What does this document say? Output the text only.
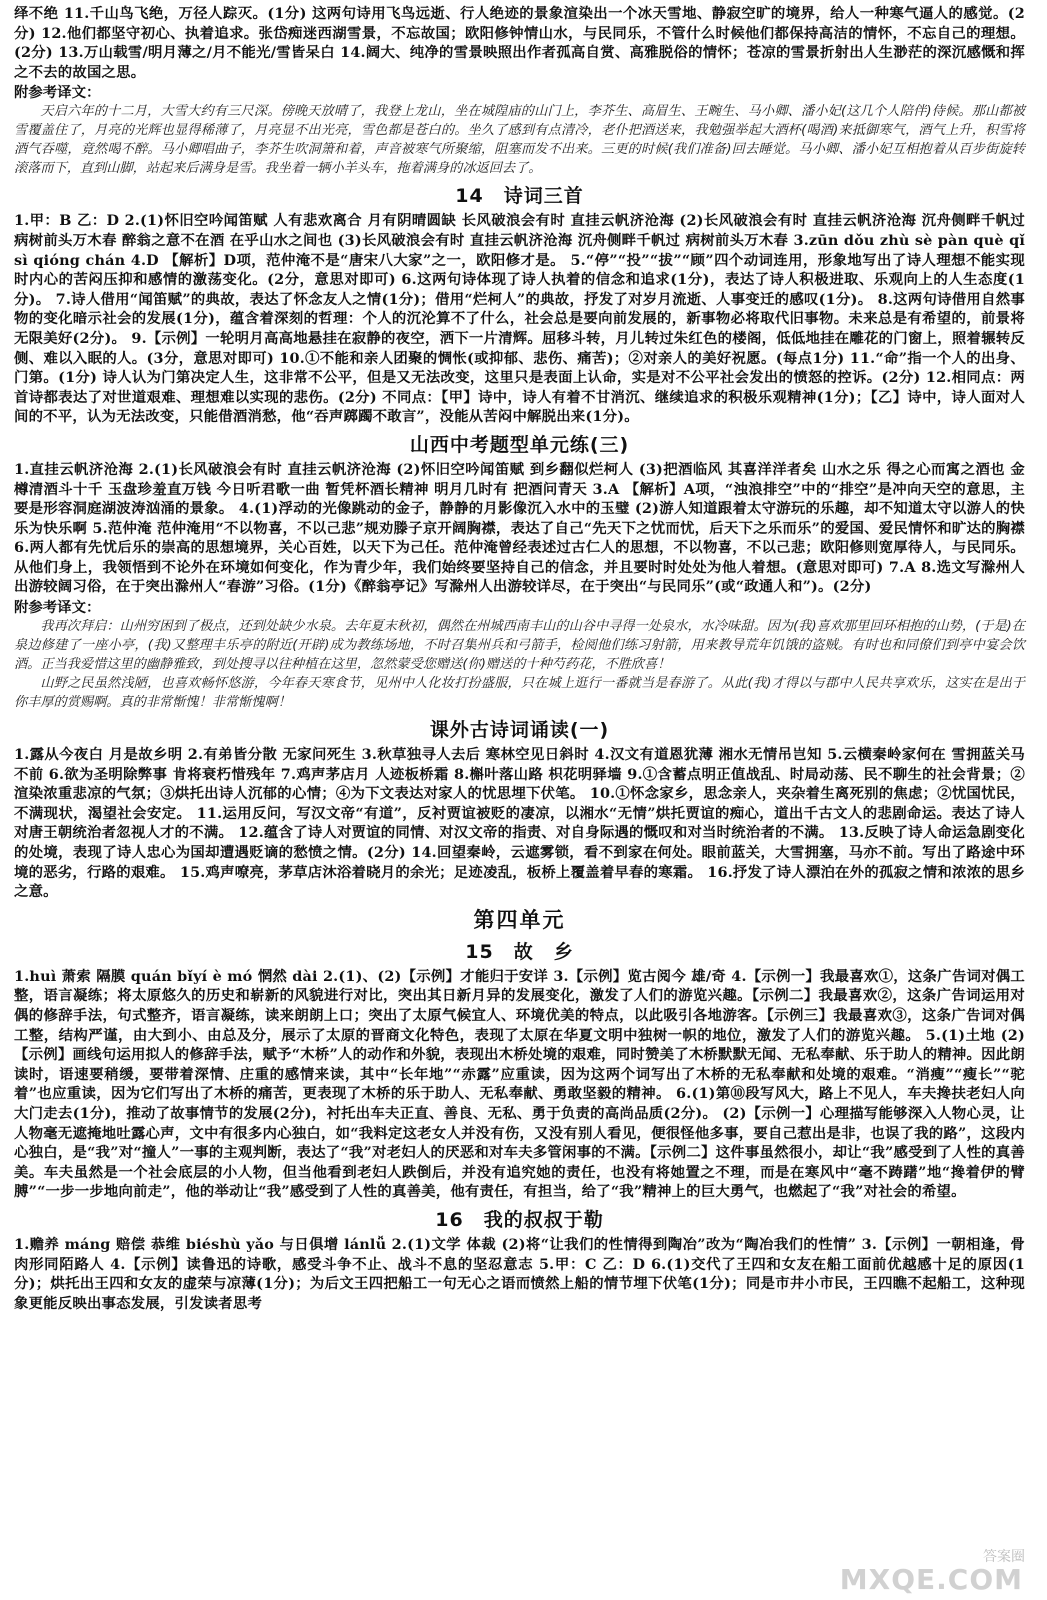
绎不绝 11.千山鸟飞绝，万径人踪灭。(1分) 这两句诗用飞鸟远逝、行人绝迹的景象渲染出一个冰天雪地、静寂空旷的境界，给人一种寒气逼人的感觉。(2分) 12.他们都坚守初心、执着追求。张岱痴迷西湖雪景，不忘故国；欧阳修钟情山水，与民同乐，不管什么时候他们都保持高洁的情怀，不忘自己的理想。(2分) 13.万山载雪/明月薄之/月不能光/雪皆呆白 14.阔大、纯净的雪景映照出作者孤高自赏、高雅脱俗的情怀；苍凉的雪景折射出人生渺茫的深沉感慨和挥之不去的故国之思。

附参考译文：

天启六年的十二月，大雪大约有三尺深。傍晚天放晴了，我登上龙山，坐在城隍庙的山门上，李芥生、高眉生、王畹生、马小卿、潘小妃(这几个人陪伴)侍候。那山都被雪覆盖住了，月亮的光辉也显得稀薄了，月亮显不出光亮，雪色都是苍白的。坐久了感到有点清冷，老仆把酒送来，我勉强举起大酒杯(喝酒)来抵御寒气，酒气上升，积雪将酒气吞噬，竟然喝不醉。马小卿唱曲子，李芥生吹洞箫和着，声音被寒气所聚缩，阻塞而发不出来。三更的时候(我们准备)回去睡觉。马小卿、潘小妃互相抱着从百步街旋转滚落而下，直到山脚，站起来后满身是雪。我坐着一辆小羊头车，拖着满身的冰返回去了。

14　诗词三首

1.甲：B 乙：D 2.(1)怀旧空吟闻笛赋 人有悲欢离合 月有阴晴圆缺 长风破浪会有时 直挂云帆济沧海 (2)长风破浪会有时 直挂云帆济沧海 沉舟侧畔千帆过 病树前头万木春 醉翁之意不在酒 在乎山水之间也 (3)长风破浪会有时 直挂云帆济沧海 沉舟侧畔千帆过 病树前头万木春 3.zūn dǒu zhù sè pàn què qǐ sì qióng chán 4.D 【解析】D项，范仲淹不是“唐宋八大家”之一，欧阳修才是。 5.“停”“投”“拔”“顾”四个动词连用，形象地写出了诗人理想不能实现时内心的苦闷压抑和感情的激荡变化。(2分，意思对即可) 6.这两句诗体现了诗人执着的信念和追求(1分)，表达了诗人积极进取、乐观向上的人生态度(1分)。 7.诗人借用“闻笛赋”的典故，表达了怀念友人之情(1分)；借用“烂柯人”的典故，抒发了对岁月流逝、人事变迁的感叹(1分)。 8.这两句诗借用自然事物的变化暗示社会的发展(1分)，蕴含着深刻的哲理：个人的沉沦算不了什么，社会总是要向前发展的，新事物必将取代旧事物。未来总是有希望的，前景将无限美好(2分)。 9.【示例】一轮明月高高地悬挂在寂静的夜空，洒下一片清辉。屈移斗转，月儿转过朱红色的楼阁，低低地挂在雕花的门窗上，照着辗转反侧、难以入眠的人。(3分，意思对即可) 10.①不能和亲人团聚的惆怅(或抑郁、悲伤、痛苦)；②对亲人的美好祝愿。(每点1分) 11.“命”指一个人的出身、门第。(1分) 诗人认为门第决定人生，这非常不公平，但是又无法改变，这里只是表面上认命，实是对不公平社会发出的愤怒的控诉。(2分) 12.相同点：两首诗都表达了对世道艰难、理想难以实现的悲伤。(2分) 不同点：【甲】诗中，诗人有着不甘消沉、继续追求的积极乐观精神(1分)；【乙】诗中，诗人面对人间的不平，认为无法改变，只能借酒消愁，他“吞声踯躅不敢言”，没能从苦闷中解脱出来(1分)。

山西中考题型单元练(三)

1.直挂云帆济沧海 2.(1)长风破浪会有时 直挂云帆济沧海 (2)怀旧空吟闻笛赋 到乡翻似烂柯人 (3)把酒临风 其喜洋洋者矣 山水之乐 得之心而寓之酒也 金樽清酒斗十千 玉盘珍羞直万钱 今日听君歌一曲 暂凭杯酒长精神 明月几时有 把酒问青天 3.A 【解析】A项，“浊浪排空”中的“排空”是冲向天空的意思，主要是形容洞庭湖波涛汹涌的景象。 4.(1)浮动的光像跳动的金子，静静的月影像沉入水中的玉璧 (2)游人知道跟着太守游玩的乐趣，却不知道太守以游人的快乐为快乐啊 5.范仲淹 范仲淹用“不以物喜，不以己悲”规劝滕子京开阔胸襟，表达了自己“先天下之忧而忧，后天下之乐而乐”的爱国、爱民情怀和旷达的胸襟 6.两人都有先忧后乐的崇高的思想境界，关心百姓，以天下为己任。范仲淹曾经表述过古仁人的思想，不以物喜，不以己悲；欧阳修则宽厚待人，与民同乐。从他们身上，我领悟到不论外在环境如何变化，作为青少年，我们始终要坚持自己的信念，并且要时时处处为他人着想。(意思对即可) 7.A 8.选文写滁州人出游较阔习俗，在于突出滁州人“春游”习俗。(1分)《醉翁亭记》写滁州人出游较详尽，在于突出“与民同乐”(或“政通人和”)。(2分)

附参考译文：

我再次拜启：山州穷困到了极点，还到处缺少水泉。去年夏末秋初，偶然在州城西南丰山的山谷中寻得一处泉水，水冷味甜。因为(我)喜欢那里回环相抱的山势，(于是)在泉边修建了一座小亭，(我)又整理丰乐亭的附近(开辟)成为教练场地，不时召集州兵和弓箭手，检阅他们练习射箭，用来教导荒年饥饿的盗贼。有时也和同僚们到亭中宴会饮酒。正当我爱惜这里的幽静雅致，到处搜寻以往种植在这里，忽然蒙受您赠送(你)赠送的十种芍药花，不胜欣喜！

山野之民虽然浅陋，也喜欢畅怀悠游，今年春天寒食节，见州中人化妆打扮盛服，只在城上逛行一番就当是春游了。从此(我)才得以与郡中人民共享欢乐，这实在是出于你丰厚的赏赐啊。真的非常惭愧！非常惭愧啊！

课外古诗词诵读(一)

1.露从今夜白 月是故乡明 2.有弟皆分散 无家问死生 3.秋草独寻人去后 寒林空见日斜时 4.汉文有道恩犹薄 湘水无情吊岂知 5.云横秦岭家何在 雪拥蓝关马不前 6.欲为圣明除弊事 肯将衰朽惜残年 7.鸡声茅店月 人迹板桥霜 8.槲叶落山路 枳花明驿墙 9.①含蓄点明正值战乱、时局动荡、民不聊生的社会背景；②渲染浓重悲凉的气氛；③烘托出诗人沉郁的心情；④为下文表达对家人的忧思埋下伏笔。 10.①怀念家乡，思念亲人，夹杂着生离死别的焦虑；②忧国忧民，不满现状，渴望社会安定。 11.运用反问，写汉文帝“有道”，反衬贾谊被贬的凄凉，以湘水“无情”烘托贾谊的痴心，道出千古文人的悲剧命运。表达了诗人对唐王朝统治者忽视人才的不满。 12.蕴含了诗人对贾谊的同情、对汉文帝的指责、对自身际遇的慨叹和对当时统治者的不满。 13.反映了诗人命运急剧变化的处境，表现了诗人忠心为国却遭遇贬谪的愁愤之情。(2分) 14.回望秦岭，云遮雾锁，看不到家在何处。眼前蓝关，大雪拥塞，马亦不前。写出了路途中环境的恶劣，行路的艰难。 15.鸡声嘹亮，茅草店沐浴着晓月的余光；足迹凌乱，板桥上覆盖着早春的寒霜。 16.抒发了诗人漂泊在外的孤寂之情和浓浓的思乡之意。

第四单元
15　故　乡

1.huì 萧索 隔膜 quán bǐyí è mó 惘然 dài 2.(1)、(2)【示例】才能归于安详 3.【示例】览古阅今 雄/奇 4.【示例一】我最喜欢①，这条广告词对偶工整，语言凝练；将太原悠久的历史和崭新的风貌进行对比，突出其日新月异的发展变化，激发了人们的游览兴趣。【示例二】我最喜欢②，这条广告词运用对偶的修辞手法，句式整齐，语言凝练，读来朗朗上口；突出了太原气候宜人、环境优美的特点，以此吸引各地游客。【示例三】我最喜欢③，这条广告词对偶工整，结构严谨，由大到小、由总及分，展示了太原的晋商文化特色，表现了太原在华夏文明中独树一帜的地位，激发了人们的游览兴趣。 5.(1)土地 (2)【示例】画线句运用拟人的修辞手法，赋予“木桥”人的动作和外貌，表现出木桥处境的艰难，同时赞美了木桥默默无闻、无私奉献、乐于助人的精神。因此朗读时，语速要稍缓，要带着深情、庄重的感情来读，其中“长年地”“赤露”应重读，因为这两个词写出了木桥的无私奉献和处境的艰难。“消瘦”“瘦长”“驼着”也应重读，因为它们写出了木桥的痛苦，更表现了木桥的乐于助人、无私奉献、勇敢坚毅的精神。 6.(1)第⑩段写风大，路上不见人，车夫搀扶老妇人向大门走去(1分)，推动了故事情节的发展(2分)，衬托出车夫正直、善良、无私、勇于负责的高尚品质(2分)。 (2)【示例一】心理描写能够深入人物心灵，让人物毫无遮掩地吐露心声，文中有很多内心独白，如“我料定这老女人并没有伤，又没有别人看见，便很怪他多事，要自己惹出是非，也误了我的路”，这段内心独白，是“我”对“撞人”一事的主观判断，表达了“我”对老妇人的厌恶和对车夫多管闲事的不满。【示例二】这件事虽然很小，却让“我”感受到了人性的真善美。车夫虽然是一个社会底层的小人物，但当他看到老妇人跌倒后，并没有追究她的责任，也没有将她置之不理，而是在寒风中“毫不踌躇”地“搀着伊的臂膊”“一步一步地向前走”，他的举动让“我”感受到了人性的真善美，他有责任，有担当，给了“我”精神上的巨大勇气，也燃起了“我”对社会的希望。

16　我的叔叔于勒

1.赡养 máng 赔偿 恭维 biéshù yǎo 与日俱增 lánlǚ 2.(1)文学 体裁 (2)将“让我们的性情得到陶冶”改为“陶冶我们的性情” 3.【示例】一朝相逢，骨肉形同陌路人 4.【示例】读鲁迅的诗歌，感受斗争不止、战斗不息的坚忍意志 5.甲：C 乙：D 6.(1)交代了王四和女友在船工面前优越感十足的原因(1分)；烘托出王四和女友的虚荣与凉薄(1分)；为后文王四把船工一句无心之语而愤然上船的情节埋下伏笔(1分)；同是市井小市民，王四瞧不起船工，这种现象更能反映出事态发展，引发读者思考

答案圈
MXQE.COM
